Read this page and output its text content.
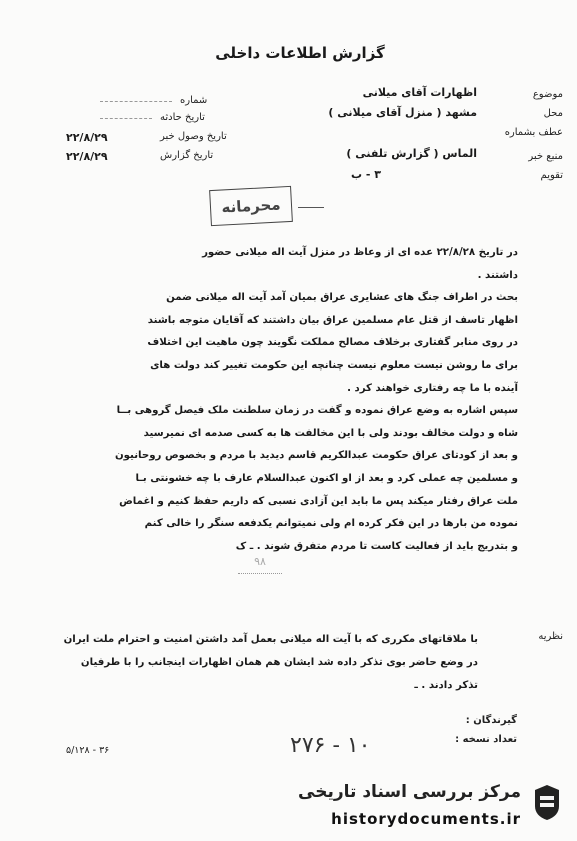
گزارش اطلاعات داخلی
موضوع
اظهارات آقای میلانی
محل
مشهد ( منزل آقای میلانی )
عطف بشماره
منبع خبر
الماس ( گزارش تلفنی )
تقویم
۳ - ب
شماره
تاریخ حادثه
تاریخ وصول خبر
۲۲/۸/۲۹
تاریخ گزارش
۲۲/۸/۲۹
محرمانه
در تاریخ ۲۲/۸/۲۸ عده ای از وعاظ در منزل آیت اله میلانی حضور
داشتند .
بحث در اطراف جنگ های عشایری عراق بمیان آمد آیت اله میلانی ضمن
اظهار تاسف از قتل عام مسلمین عراق بیان داشتند که آقایان متوجه باشند
در روی منابر گفتاری برخلاف مصالح مملکت نگویند چون ماهیت این اختلاف
برای ما روشن نیست معلوم نیست چنانچه این حکومت تغییر کند دولت های
آینده با ما چه رفتاری خواهند کرد .
سپس اشاره به وضع عراق نموده و گفت در زمان سلطنت ملک فیصل گروهی بــا
شاه و دولت مخالف بودند ولی با این مخالفت ها به کسی صدمه ای نمیرسید
و بعد از کودتای عراق حکومت عبدالکریم قاسم دیدید با مردم و بخصوص روحانیون
و مسلمین چه عملی کرد و بعد از او اکنون عبدالسلام عارف با چه خشونتی بـا
ملت عراق رفتار میکند پس ما باید این آزادی نسبی که داریم حفظ کنیم و اغماض
نموده من بارها در این فکر کرده ام ولی نمیتوانم یکدفعه سنگر را خالی کنم
و بتدریج باید از فعالیت کاست تا مردم متفرق شوند . ـ ک
۹۸
نظریه
با ملاقاتهای مکرری که با آیت اله میلانی بعمل آمد داشتن امنیت و احترام ملت ایران
در وضع حاضر بوی تذکر داده شد ایشان هم همان اظهارات اینجانب را با طرفیان
تذکر دادند . ـ
گیرندگان :
تعداد نسخه :
۵/۱۲۸ - ۳۶	۲۷۶ - ۱۰
مرکز بررسی اسناد تاریخی
historydocuments.ir
